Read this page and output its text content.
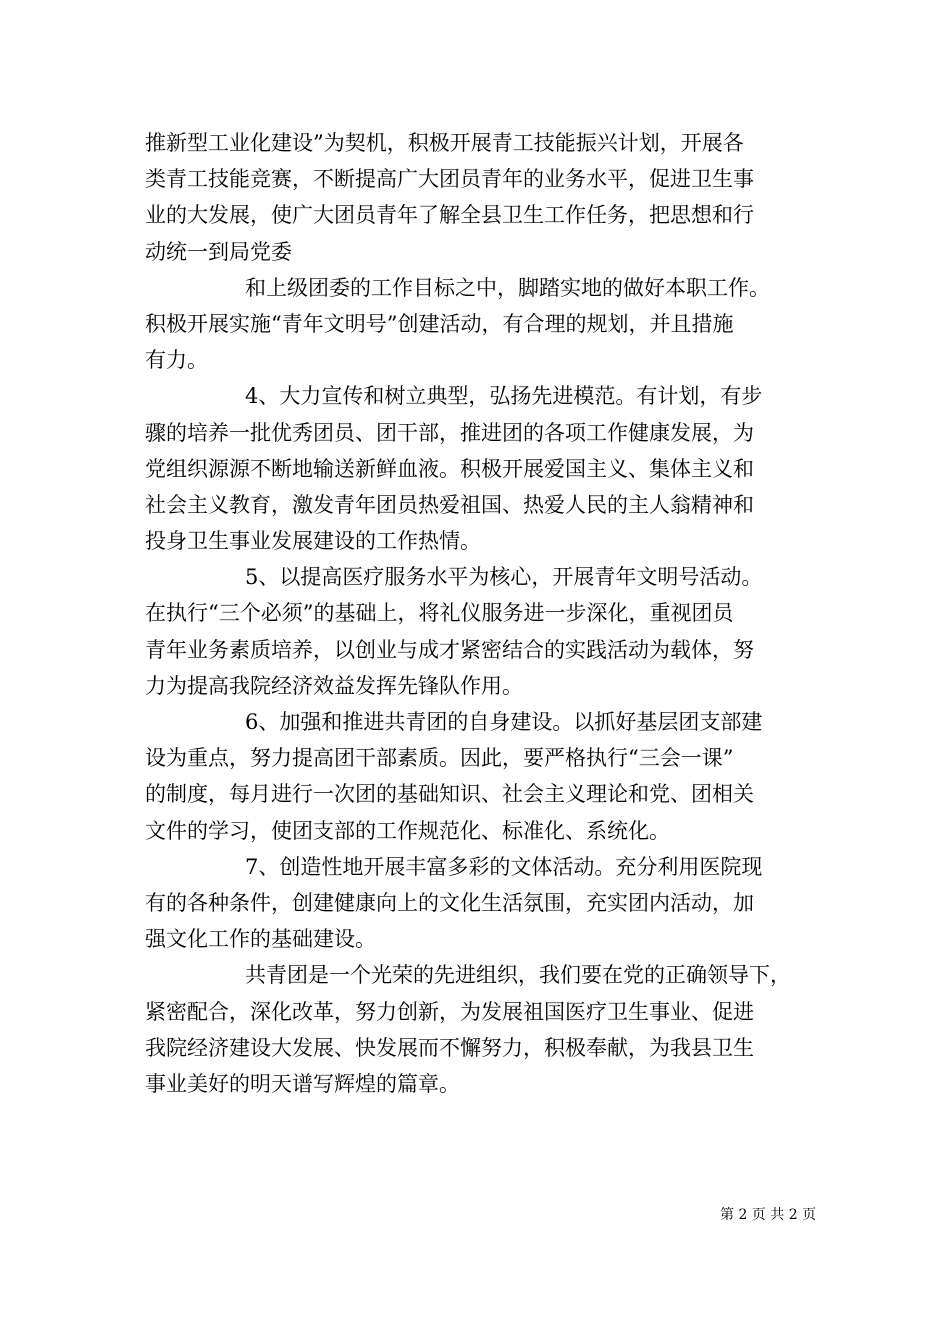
推新型工业化建设”为契机，积极开展青工技能振兴计划，开展各
类青工技能竞赛，不断提高广大团员青年的业务水平，促进卫生事
业的大发展，使广大团员青年了解全县卫生工作任务，把思想和行
动统一到局党委
和上级团委的工作目标之中，脚踏实地的做好本职工作。
积极开展实施“青年文明号”创建活动，有合理的规划，并且措施
有力。
4、大力宣传和树立典型，弘扬先进模范。有计划，有步
骤的培养一批优秀团员、团干部，推进团的各项工作健康发展，为
党组织源源不断地输送新鲜血液。积极开展爱国主义、集体主义和
社会主义教育，激发青年团员热爱祖国、热爱人民的主人翁精神和
投身卫生事业发展建设的工作热情。
5、以提高医疗服务水平为核心，开展青年文明号活动。
在执行“三个必须”的基础上，将礼仪服务进一步深化，重视团员
青年业务素质培养，以创业与成才紧密结合的实践活动为载体，努
力为提高我院经济效益发挥先锋队作用。
6、加强和推进共青团的自身建设。以抓好基层团支部建
设为重点，努力提高团干部素质。因此，要严格执行“三会一课”
的制度，每月进行一次团的基础知识、社会主义理论和党、团相关
文件的学习，使团支部的工作规范化、标准化、系统化。
7、创造性地开展丰富多彩的文体活动。充分利用医院现
有的各种条件，创建健康向上的文化生活氛围，充实团内活动，加
强文化工作的基础建设。
共青团是一个光荣的先进组织，我们要在党的正确领导下，
紧密配合，深化改革，努力创新，为发展祖国医疗卫生事业、促进
我院经济建设大发展、快发展而不懈努力，积极奉献，为我县卫生
事业美好的明天谱写辉煌的篇章。
第 2 页 共 2 页
